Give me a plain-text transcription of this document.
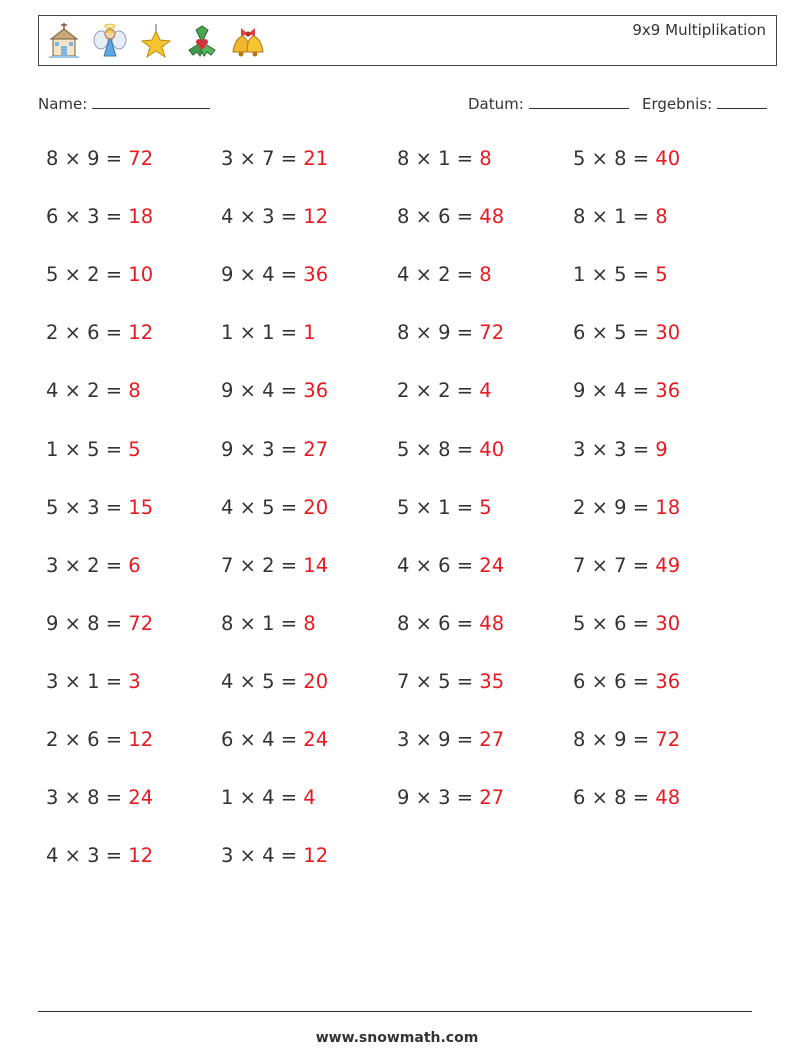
9x9 Multiplikation
Name:	Datum:	Ergebnis:
8 × 9 = 72	3 × 7 = 21	8 × 1 = 8	5 × 8 = 40
6 × 3 = 18	4 × 3 = 12	8 × 6 = 48	8 × 1 = 8
5 × 2 = 10	9 × 4 = 36	4 × 2 = 8	1 × 5 = 5
2 × 6 = 12	1 × 1 = 1	8 × 9 = 72	6 × 5 = 30
4 × 2 = 8	9 × 4 = 36	2 × 2 = 4	9 × 4 = 36
1 × 5 = 5	9 × 3 = 27	5 × 8 = 40	3 × 3 = 9
5 × 3 = 15	4 × 5 = 20	5 × 1 = 5	2 × 9 = 18
3 × 2 = 6	7 × 2 = 14	4 × 6 = 24	7 × 7 = 49
9 × 8 = 72	8 × 1 = 8	8 × 6 = 48	5 × 6 = 30
3 × 1 = 3	4 × 5 = 20	7 × 5 = 35	6 × 6 = 36
2 × 6 = 12	6 × 4 = 24	3 × 9 = 27	8 × 9 = 72
3 × 8 = 24	1 × 4 = 4	9 × 3 = 27	6 × 8 = 48
4 × 3 = 12	3 × 4 = 12
www.snowmath.com
